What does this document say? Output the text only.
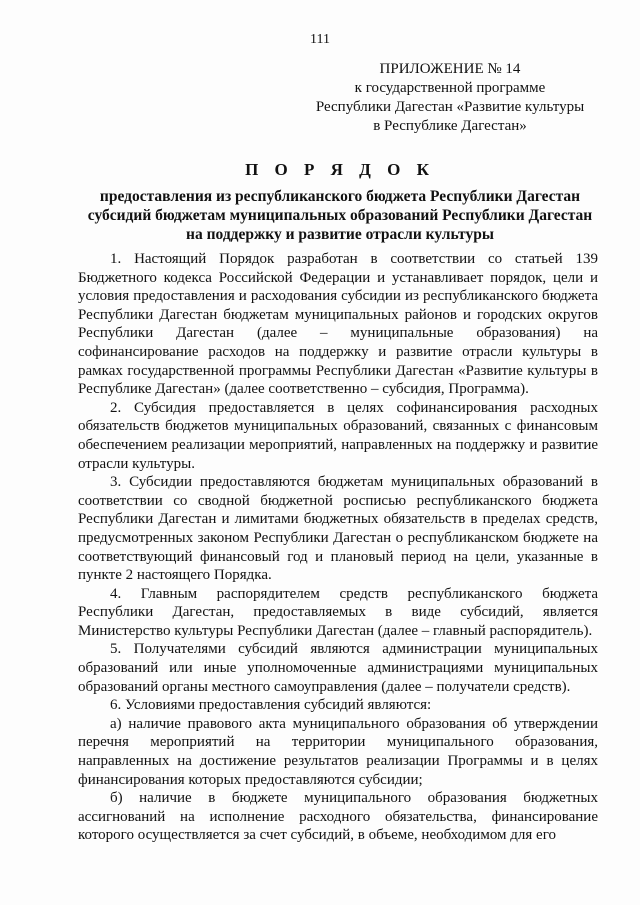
111
ПРИЛОЖЕНИЕ № 14
к государственной программе
Республики Дагестан «Развитие культуры
в Республике Дагестан»
П О Р Я Д О К
предоставления из республиканского бюджета Республики Дагестан
субсидий бюджетам муниципальных образований Республики Дагестан
на поддержку и развитие отрасли культуры

1. Настоящий Порядок разработан в соответствии со статьей 139 Бюджетного кодекса Российской Федерации и устанавливает порядок, цели и условия предоставления и расходования субсидии из республиканского бюджета Республики Дагестан бюджетам муниципальных районов и городских округов Республики Дагестан (далее – муниципальные образования) на софинансирование расходов на поддержку и развитие отрасли культуры в рамках государственной программы Республики Дагестан «Развитие культуры в Республике Дагестан» (далее соответственно – субсидия, Программа).

2. Субсидия предоставляется в целях софинансирования расходных обязательств бюджетов муниципальных образований, связанных с финансовым обеспечением реализации мероприятий, направленных на поддержку и развитие отрасли культуры.

3. Субсидии предоставляются бюджетам муниципальных образований в соответствии со сводной бюджетной росписью республиканского бюджета Республики Дагестан и лимитами бюджетных обязательств в пределах средств, предусмотренных законом Республики Дагестан о республиканском бюджете на соответствующий финансовый год и плановый период на цели, указанные в пункте 2 настоящего Порядка.

4. Главным распорядителем средств республиканского бюджета Республики Дагестан, предоставляемых в виде субсидий, является Министерство культуры Республики Дагестан (далее – главный распорядитель).

5. Получателями субсидий являются администрации муниципальных образований или иные уполномоченные администрациями муниципальных образований органы местного самоуправления (далее – получатели средств).

6. Условиями предоставления субсидий являются:

а) наличие правового акта муниципального образования об утверждении перечня мероприятий на территории муниципального образования, направленных на достижение результатов реализации Программы и в целях финансирования которых предоставляются субсидии;

б) наличие в бюджете муниципального образования бюджетных ассигнований на исполнение расходного обязательства, финансирование которого осуществляется за счет субсидий, в объеме, необходимом для его
